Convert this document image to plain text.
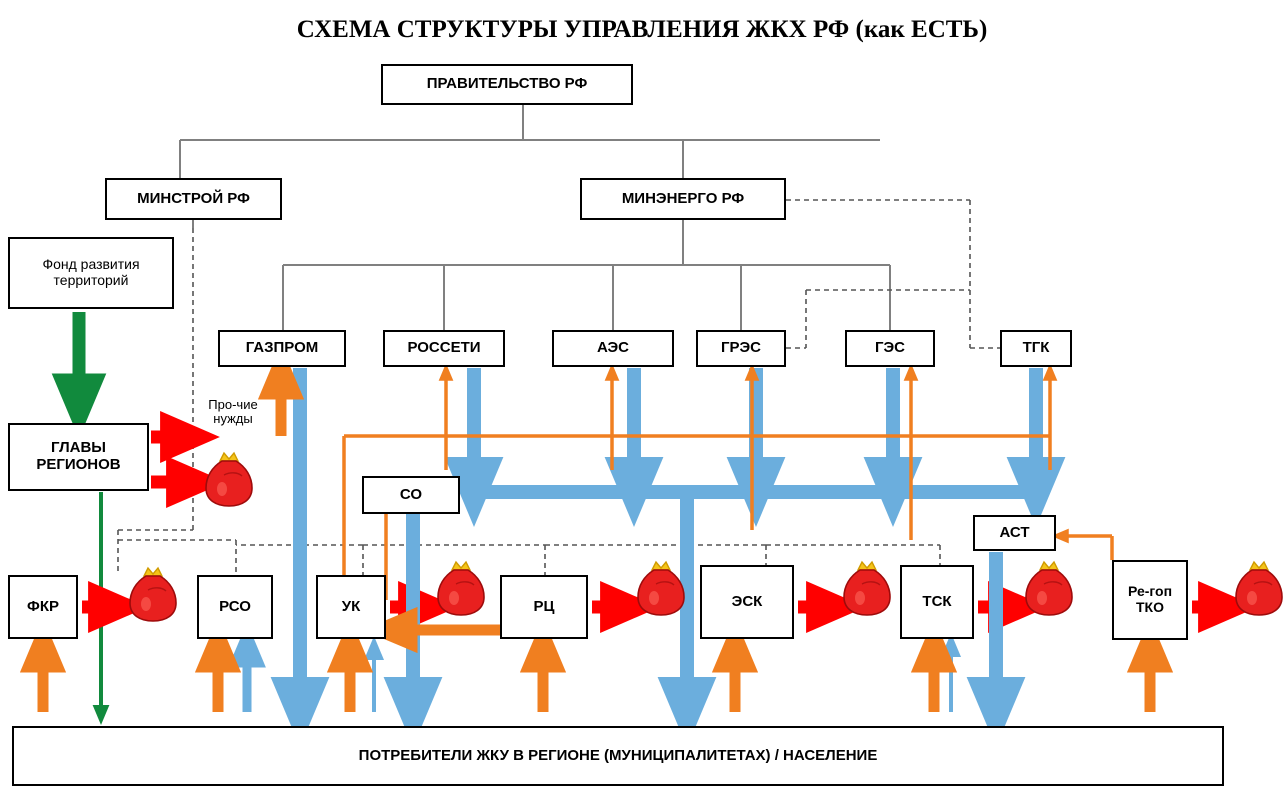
СХЕМА СТРУКТУРЫ УПРАВЛЕНИЯ ЖКХ РФ (как ЕСТЬ)
ПРАВИТЕЛЬСТВО РФ
МИНСТРОЙ РФ	МИНЭНЕРГО РФ
Фонд развития территорий
ГЛАВЫ РЕГИОНОВ
ГАЗПРОМ	РОССЕТИ	АЭС	ГРЭС	ГЭС	ТГК
СО
АСТ
ФКР	РСО	УК	РЦ	ЭСК	ТСК
Ре-гоп ТКО
ПОТРЕБИТЕЛИ ЖКУ В РЕГИОНЕ (МУНИЦИПАЛИТЕТАХ) / НАСЕЛЕНИЕ
Про-чие нужды
